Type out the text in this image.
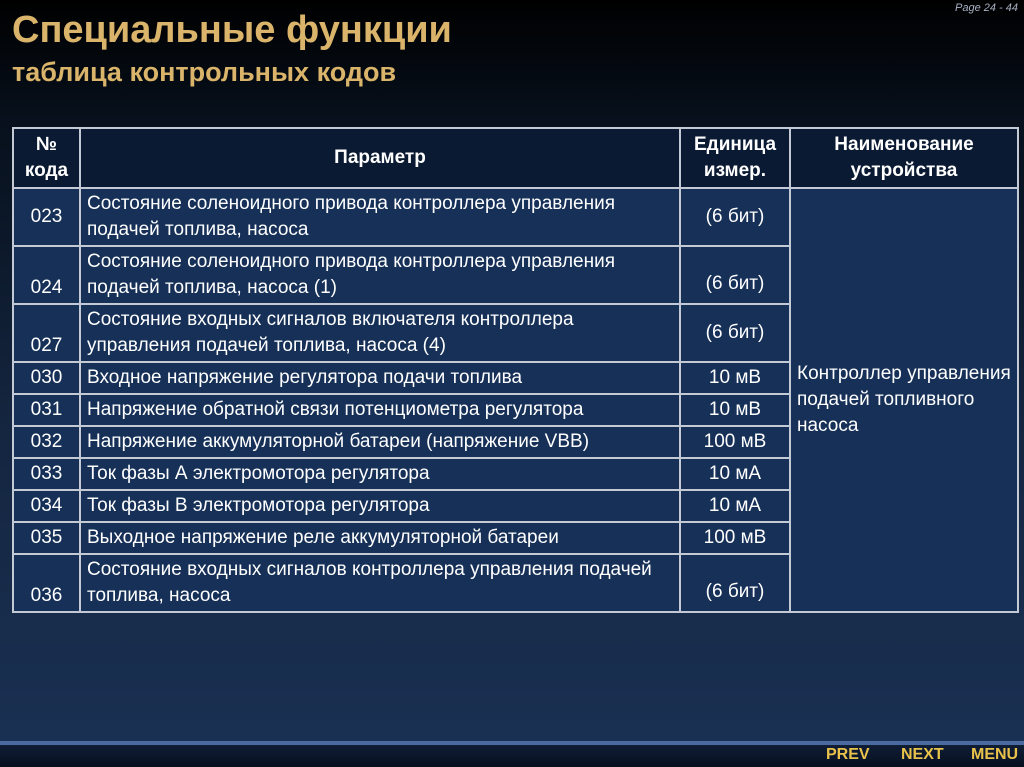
Специальные функции
таблица контрольных кодов
Page 24 - 44
№ кода	Параметр	Единица измер.	Наименование устройства
023	Состояние соленоидного привода контроллера управления подачей топлива, насоса	(6 бит)	Контроллер управления подачей топливного насоса
024	Состояние соленоидного привода контроллера управления подачей топлива, насоса (1)	(6 бит)	
027	Состояние входных сигналов включателя контроллера управления подачей топлива, насоса (4)	(6 бит)	
030	Входное напряжение регулятора подачи топлива	10 мВ	
031	Напряжение обратной связи потенциометра регулятора	10 мВ	
032	Напряжение аккумуляторной батареи (напряжение VBB)	100 мВ	
033	Ток фазы А электромотора регулятора	10 мА	
034	Ток фазы В электромотора регулятора	10 мА	
035	Выходное напряжение реле аккумуляторной батареи	100 мВ	
036	Состояние входных сигналов контроллера управления подачей топлива, насоса	(6 бит)	
PREV NEXT MENU
